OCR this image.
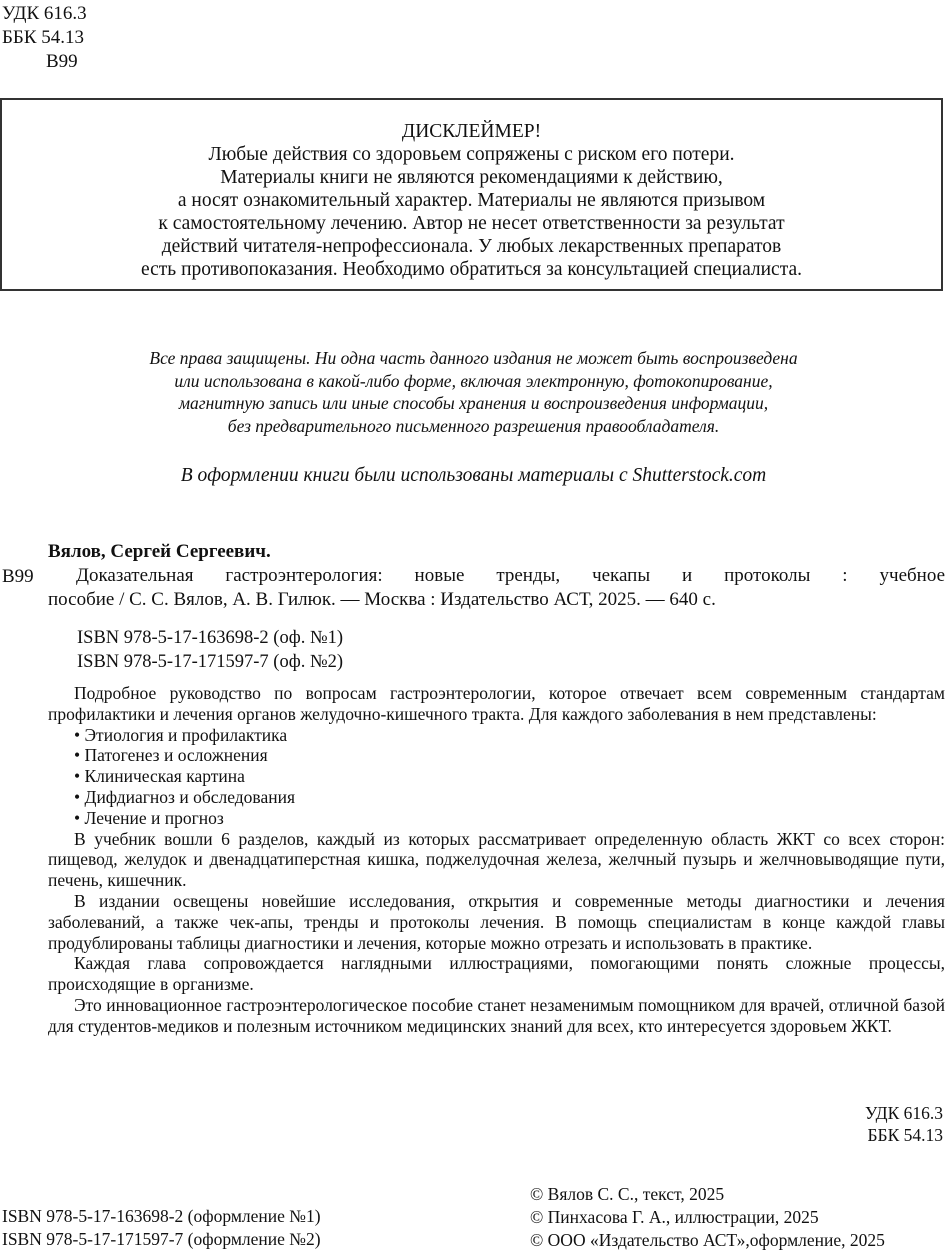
УДК 616.3
ББК 54.13
В99
ДИСКЛЕЙМЕР!
Любые действия со здоровьем сопряжены с риском его потери.
Материалы книги не являются рекомендациями к действию,
а носят ознакомительный характер. Материалы не являются призывом
к самостоятельному лечению. Автор не несет ответственности за результат
действий читателя-непрофессионала. У любых лекарственных препаратов
есть противопоказания. Необходимо обратиться за консультацией специалиста.
Все права защищены. Ни одна часть данного издания не может быть воспроизведена
или использована в какой-либо форме, включая электронную, фотокопирование,
магнитную запись или иные способы хранения и воспроизведения информации,
без предварительного письменного разрешения правообладателя.
В оформлении книги были использованы материалы с Shutterstock.com
Вялов, Сергей Сергеевич.
В99	Доказательная гастроэнтерология: новые тренды, чекапы и протоколы : учебное
пособие / С. С. Вялов, А. В. Гилюк. — Москва : Издательство АСТ, 2025. — 640 с.
ISBN 978-5-17-163698-2 (оф. №1)
ISBN 978-5-17-171597-7 (оф. №2)

Подробное руководство по вопросам гастроэнтерологии, которое отвечает всем современным стандартам профилактики и лечения органов желудочно-кишечного тракта. Для каждого заболевания в нем представлены:

• Этиология и профилактика
• Патогенез и осложнения
• Клиническая картина
• Дифдиагноз и обследования
• Лечение и прогноз

В учебник вошли 6 разделов, каждый из которых рассматривает определенную область ЖКТ со всех сторон: пищевод, желудок и двенадцатиперстная кишка, поджелудочная железа, желчный пузырь и желчновыводящие пути, печень, кишечник.

В издании освещены новейшие исследования, открытия и современные методы диагностики и лечения заболеваний, а также чек-апы, тренды и протоколы лечения. В помощь специалистам в конце каждой главы продублированы таблицы диагностики и лечения, которые можно отрезать и использовать в практике.

Каждая глава сопровождается наглядными иллюстрациями, помогающими понять сложные процессы, происходящие в организме.

Это инновационное гастроэнтерологическое пособие станет незаменимым помощником для врачей, отличной базой для студентов-медиков и полезным источником медицинских знаний для всех, кто интересуется здоровьем ЖКТ.

УДК 616.3
ББК 54.13
ISBN 978-5-17-163698-2 (оформление №1)
ISBN 978-5-17-171597-7 (оформление №2)
© Вялов С. С., текст, 2025
© Пинхасова Г. А., иллюстрации, 2025
© ООО «Издательство АСТ»,оформление, 2025
